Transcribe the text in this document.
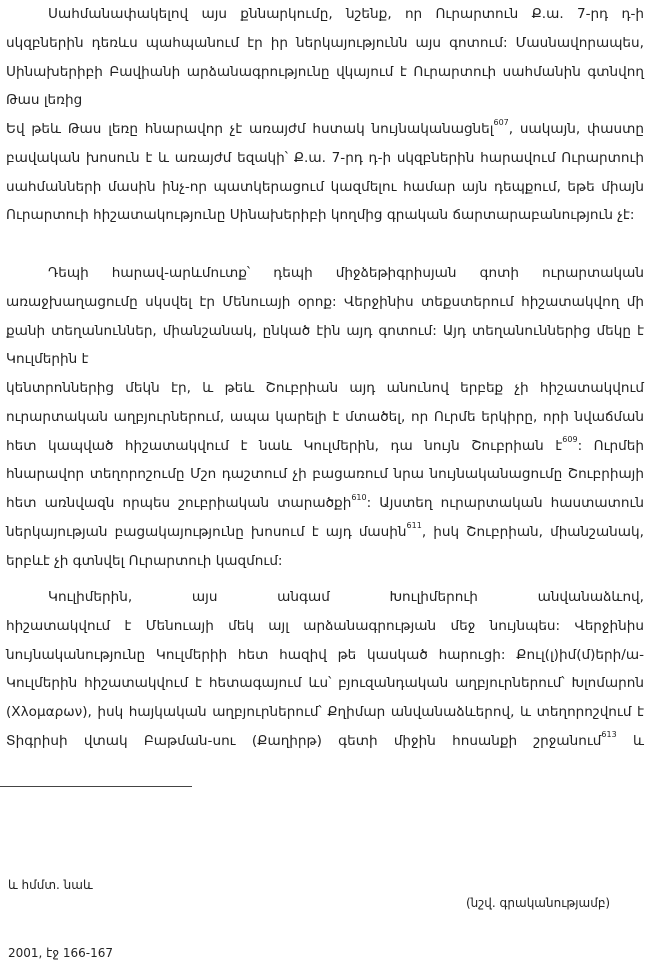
Սահմանափակելով այս քննարկումը, նշենք, որ Ուրարտուն Ք.ա. 7-րդ դ-ի
սկզբներին դեռևս պահպանում էր իր ներկայությունն այս գոտում: Մասնավորապես,
Սինախերիբի Բավիանի արձանագրությունը վկայում է Ուրարտուի սահմանին գտնվող
Թաս լեռից
Եվ թեև Թաս լեռը հնարավոր չէ առայժմ հստակ նույնականացնել$^{607}$, սակայն, փաստը
բավական խոսուն է և առայժմ եզակի՝ Ք.ա. 7-րդ դ-ի սկզբներին հարավում Ուրարտուի
սահմանների մասին ինչ-որ պատկերացում կազմելու համար այն դեպքում, եթե միայն
Ուրարտուի հիշատակությունը Սինախերիբի կողմից գրական ճարտարաբանություն չէ:
Դեպի հարավ-արևմուտք՝ դեպի միջձեթիգրիսյան գոտի ուրարտական
առաջխաղացումը սկսվել էր Մենուայի օրոք: Վերջինիս տեքստերում հիշատակվող մի
քանի տեղանուններ, միանշանակ, ընկած էին այդ գոտում: Այդ տեղանուններից մեկը է
Կուլմերին է
կենտրոններից մեկն էր, և թեև Շուբրիան այդ անունով երբեք չի հիշատակվում
ուրարտական աղբյուրներում, ապա կարելի է մտածել, որ Ուրմե երկիրը, որի նվաճման
հետ կապված հիշատակվում է նաև Կուլմերին, դա նույն Շուբրիան է$^{609}$: Ուրմեի
հնարավոր տեղորոշումը Մշո դաշտում չի բացառում նրա նույնականացումը Շուբրիայի
հետ առնվազն որպես շուբրիական տարածքի$^{610}$: Այստեղ ուրարտական հաստատուն
ներկայության բացակայությունը խոսում է այդ մասին$^{611}$, իսկ Շուբրիան, միանշանակ,
երբևէ չի գտնվել Ուրարտուի կազմում:
Կուլիմերին, այս անգամ Խուլիմերուի անվանաձևով,
հիշատակվում է Մենուայի մեկ այլ արձանագրության մեջ նույնպես: Վերջինիս
նույնականությունը Կուլմերիի հետ հազիվ թե կասկած հարուցի: Քուլ(լ)իմ(մ)երի/ա-
Կուլմերին հիշատակվում է հետագայում ևս՝ բյուզանդական աղբյուրներում՝ Խլոմարոն
(Χλομαρων), իսկ հայկական աղբյուրներում՝ Քղիմար անվանաձևերով, և տեղորոշվում է
Տիգրիսի վտակ Բաթման-սու (Քաղիրթ) գետի միջին հոսանքի շրջանում$^{613}$ և
և հմմտ. նաև
(նշվ. գրականությամբ)
2001, էջ 166-167
